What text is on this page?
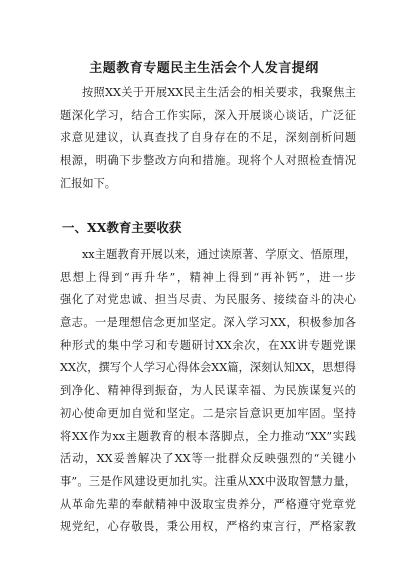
主题教育专题民主生活会个人发言提纲
按照XX关于开展XX民主生活会的相关要求，我聚焦主
题深化学习，结合工作实际，深入开展谈心谈话，广泛征
求意见建议，认真查找了自身存在的不足，深刻剖析问题
根源，明确下步整改方向和措施。现将个人对照检查情况
汇报如下。
一、XX教育主要收获
xx主题教育开展以来，通过读原著、学原文、悟原理，
思想上得到“再升华”，精神上得到“再补钙”，进一步
强化了对党忠诚、担当尽责、为民服务、接续奋斗的决心
意志。一是理想信念更加坚定。深入学习XX，积极参加各
种形式的集中学习和专题研讨XX余次，在XX讲专题党课
XX次，撰写个人学习心得体会XX篇，深刻认知XX，思想得
到净化、精神得到振奋，为人民谋幸福、为民族谋复兴的
初心使命更加自觉和坚定。二是宗旨意识更加牢固。坚持
将XX作为xx主题教育的根本落脚点，全力推动“XX”实践
活动，XX妥善解决了XX等一批群众反映强烈的“关键小
事”。三是作风建设更加扎实。注重从XX中汲取智慧力量，
从革命先辈的奉献精神中汲取宝贵养分，严格遵守党章党
规党纪，心存敬畏，秉公用权，严格约束言行，严格家教
